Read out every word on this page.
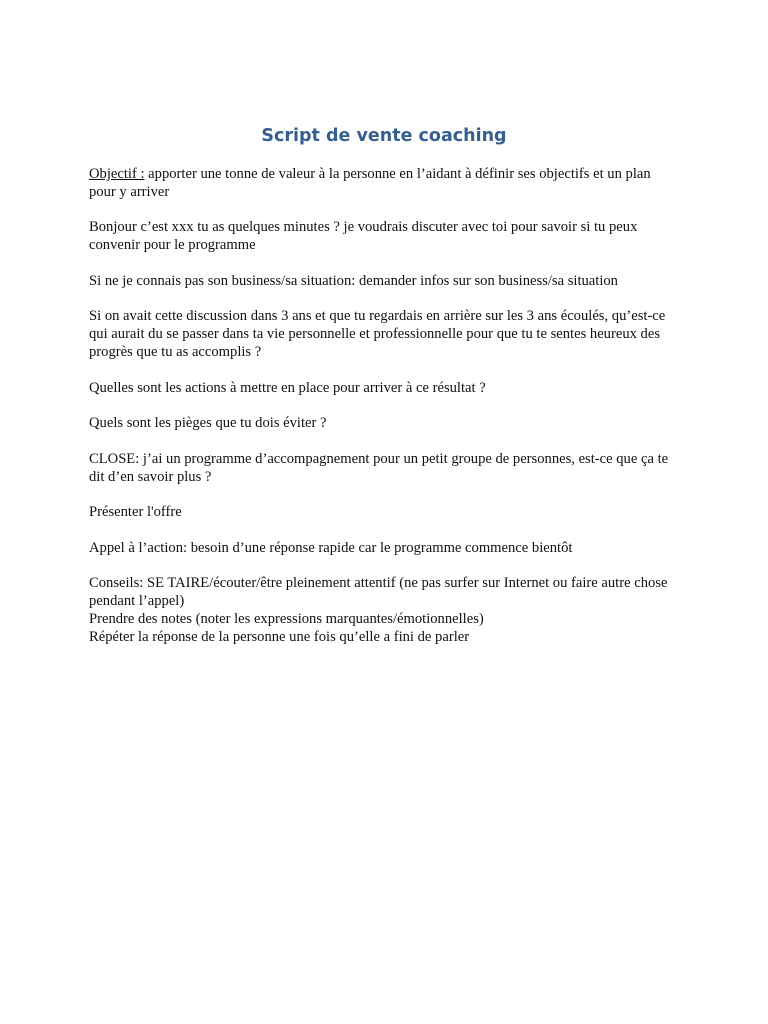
Script de vente coaching

Objectif : apporter une tonne de valeur à la personne en l’aidant à définir ses objectifs et un plan pour y arriver

Bonjour c’est xxx tu as quelques minutes ? je voudrais discuter avec toi pour savoir si tu peux convenir pour le programme

Si ne je connais pas son business/sa situation: demander infos sur son business/sa situation

Si on avait cette discussion dans 3 ans et que tu regardais en arrière sur les 3 ans écoulés, qu’est-ce qui aurait du se passer dans ta vie personnelle et professionnelle pour que tu te sentes heureux des progrès que tu as accomplis ?

Quelles sont les actions à mettre en place pour arriver à ce résultat ?

Quels sont les pièges que tu dois éviter ?

CLOSE: j’ai un programme d’accompagnement pour un petit groupe de personnes, est-ce que ça te dit d’en savoir plus ?

Présenter l'offre

Appel à l’action: besoin d’une réponse rapide car le programme commence bientôt

Conseils: SE TAIRE/écouter/être pleinement attentif (ne pas surfer sur Internet ou faire autre chose pendant l’appel)

Prendre des notes (noter les expressions marquantes/émotionnelles)

Répéter la réponse de la personne une fois qu’elle a fini de parler
